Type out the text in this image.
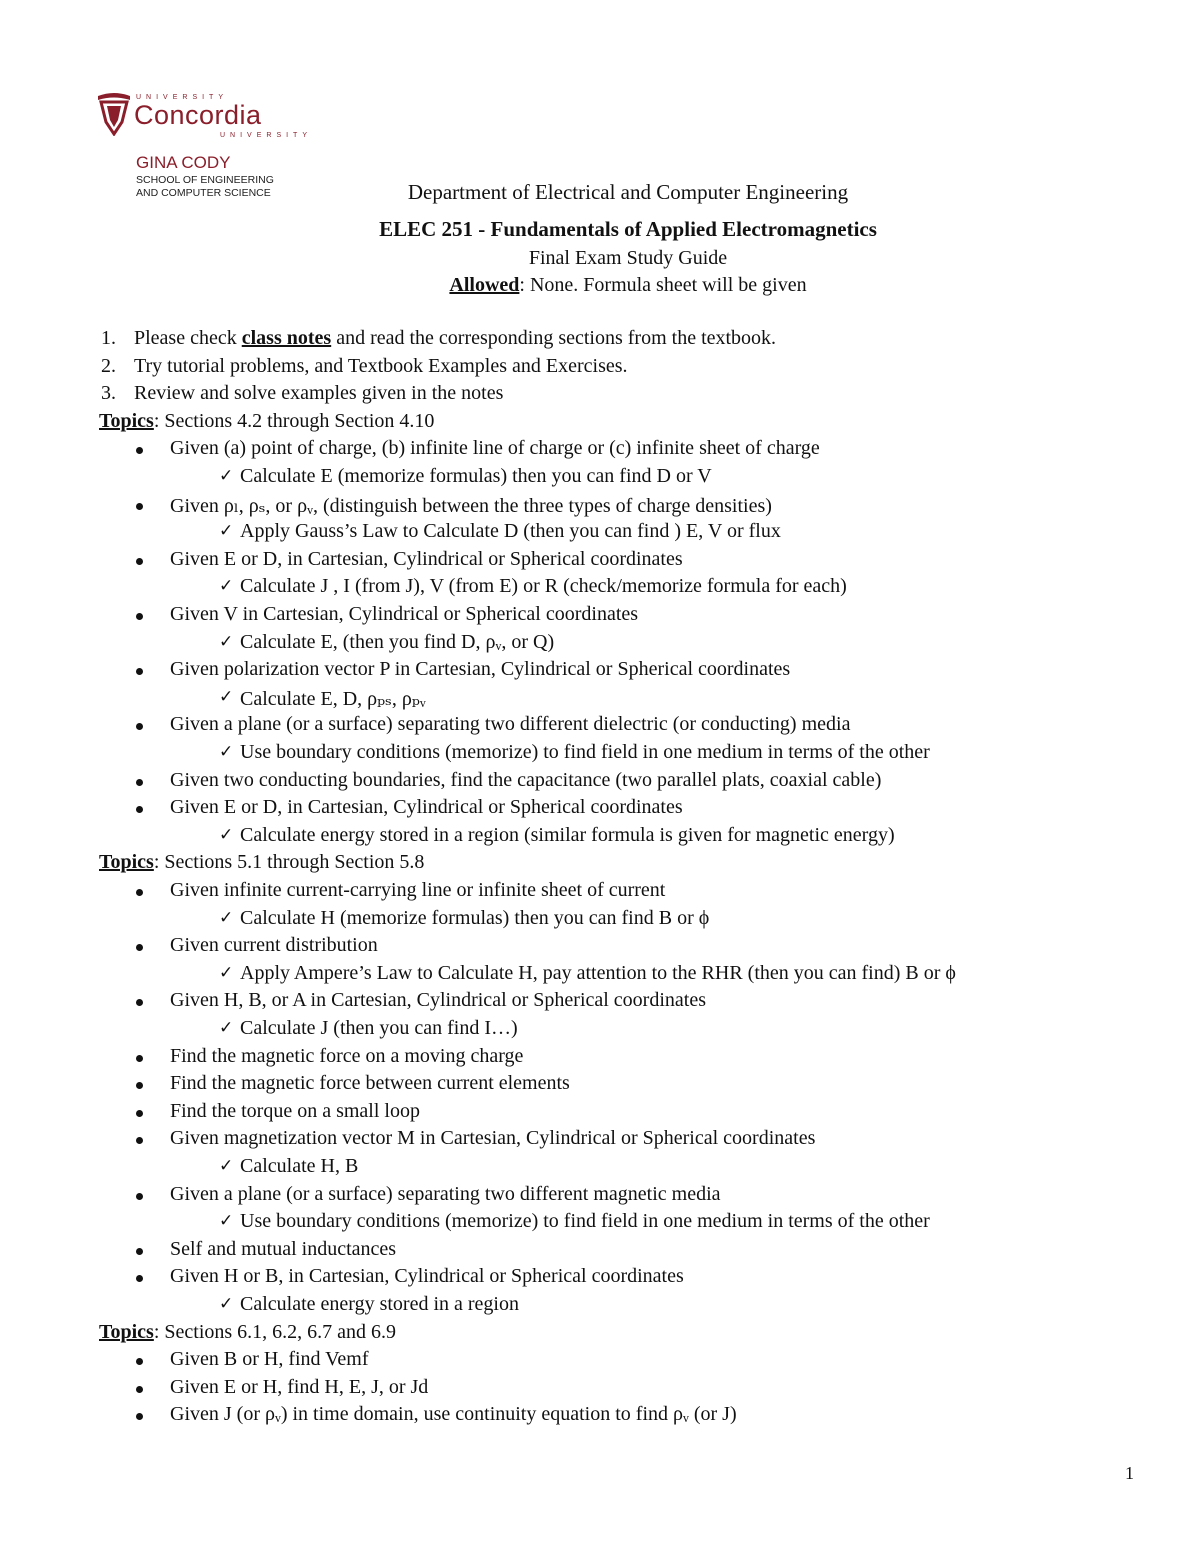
UNIVERSITY
Concordia
UNIVERSITY
GINA CODY
SCHOOL OF ENGINEERING
AND COMPUTER SCIENCE	Department of Electrical and Computer Engineering
ELEC 251 - Fundamentals of Applied Electromagnetics
Final Exam Study Guide
Allowed: None. Formula sheet will be given
1. Please check class notes and read the corresponding sections from the textbook.
2. Try tutorial problems, and Textbook Examples and Exercises.
3. Review and solve examples given in the notes
Topics: Sections 4.2 through Section 4.10
Given (a) point of charge, (b) infinite line of charge or (c) infinite sheet of charge
✓ Calculate E (memorize formulas) then you can find D or V
Given ρₗ, ρₛ, or ρᵥ, (distinguish between the three types of charge densities)
✓ Apply Gauss’s Law to Calculate D (then you can find ) E, V or flux
Given E or D, in Cartesian, Cylindrical or Spherical coordinates
✓ Calculate J , I (from J), V (from E) or R (check/memorize formula for each)
Given V in Cartesian, Cylindrical or Spherical coordinates
✓ Calculate E, (then you find D, ρᵥ, or Q)
Given polarization vector P in Cartesian, Cylindrical or Spherical coordinates
✓ Calculate E, D, ρₚₛ, ρₚᵥ
Given a plane (or a surface) separating two different dielectric (or conducting) media
✓ Use boundary conditions (memorize) to find field in one medium in terms of the other
Given two conducting boundaries, find the capacitance (two parallel plats, coaxial cable)
Given E or D, in Cartesian, Cylindrical or Spherical coordinates
✓ Calculate energy stored in a region (similar formula is given for magnetic energy)
Topics: Sections 5.1 through Section 5.8
Given infinite current-carrying line or infinite sheet of current
✓ Calculate H (memorize formulas) then you can find B or ϕ
Given current distribution
✓ Apply Ampere’s Law to Calculate H, pay attention to the RHR (then you can find) B or ϕ
Given H, B, or A in Cartesian, Cylindrical or Spherical coordinates
✓ Calculate J (then you can find I…)
Find the magnetic force on a moving charge
Find the magnetic force between current elements
Find the torque on a small loop
Given magnetization vector M in Cartesian, Cylindrical or Spherical coordinates
✓ Calculate H, B
Given a plane (or a surface) separating two different magnetic media
✓ Use boundary conditions (memorize) to find field in one medium in terms of the other
Self and mutual inductances
Given H or B, in Cartesian, Cylindrical or Spherical coordinates
✓ Calculate energy stored in a region
Topics: Sections 6.1, 6.2, 6.7 and 6.9
Given B or H, find Vemf
Given E or H, find H, E, J, or Jd
Given J (or ρᵥ) in time domain, use continuity equation to find ρᵥ (or J)
1
